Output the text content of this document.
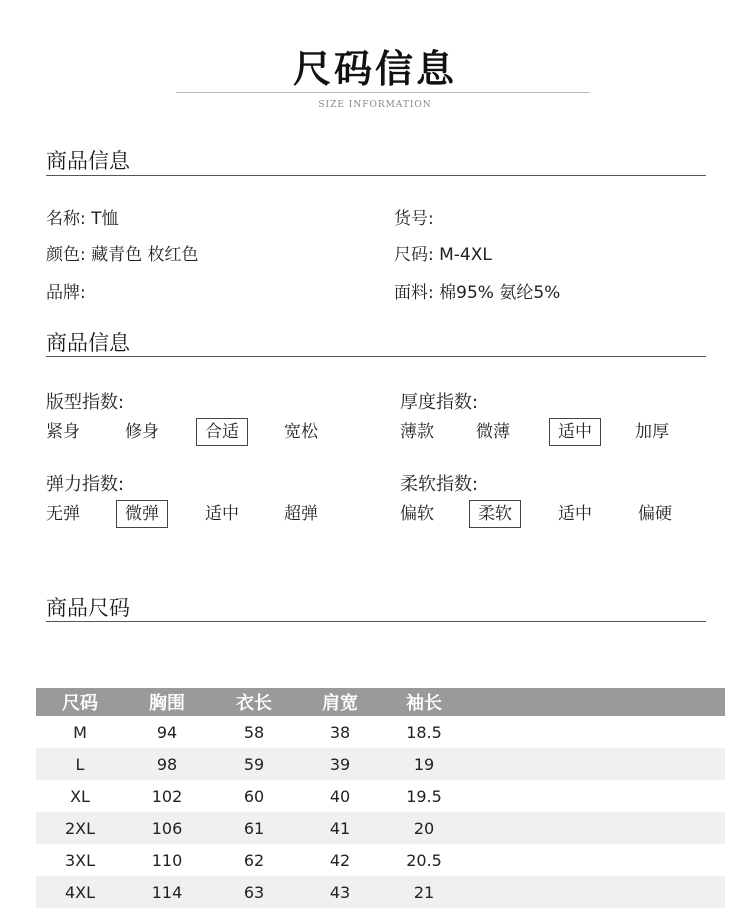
尺码信息
SIZE INFORMATION
商品信息
名称: T恤	货号:
颜色: 藏青色 枚红色	尺码: M-4XL
品牌:	面料: 棉95% 氨纶5%
商品信息
版型指数:
紧身	修身	合适	宽松
厚度指数:
薄款 微薄	适中	加厚
弹力指数:
无弹	微弹	适中	超弹
柔软指数:
偏软	柔软	适中	偏硬
商品尺码
尺码	胸围	衣长	肩宽	袖长	
M	94	58	38	18.5	
L	98	59	39	19	
XL	102	60	40	19.5	
2XL	106	61	41	20	
3XL	110	62	42	20.5	
4XL	114	63	43	21	
